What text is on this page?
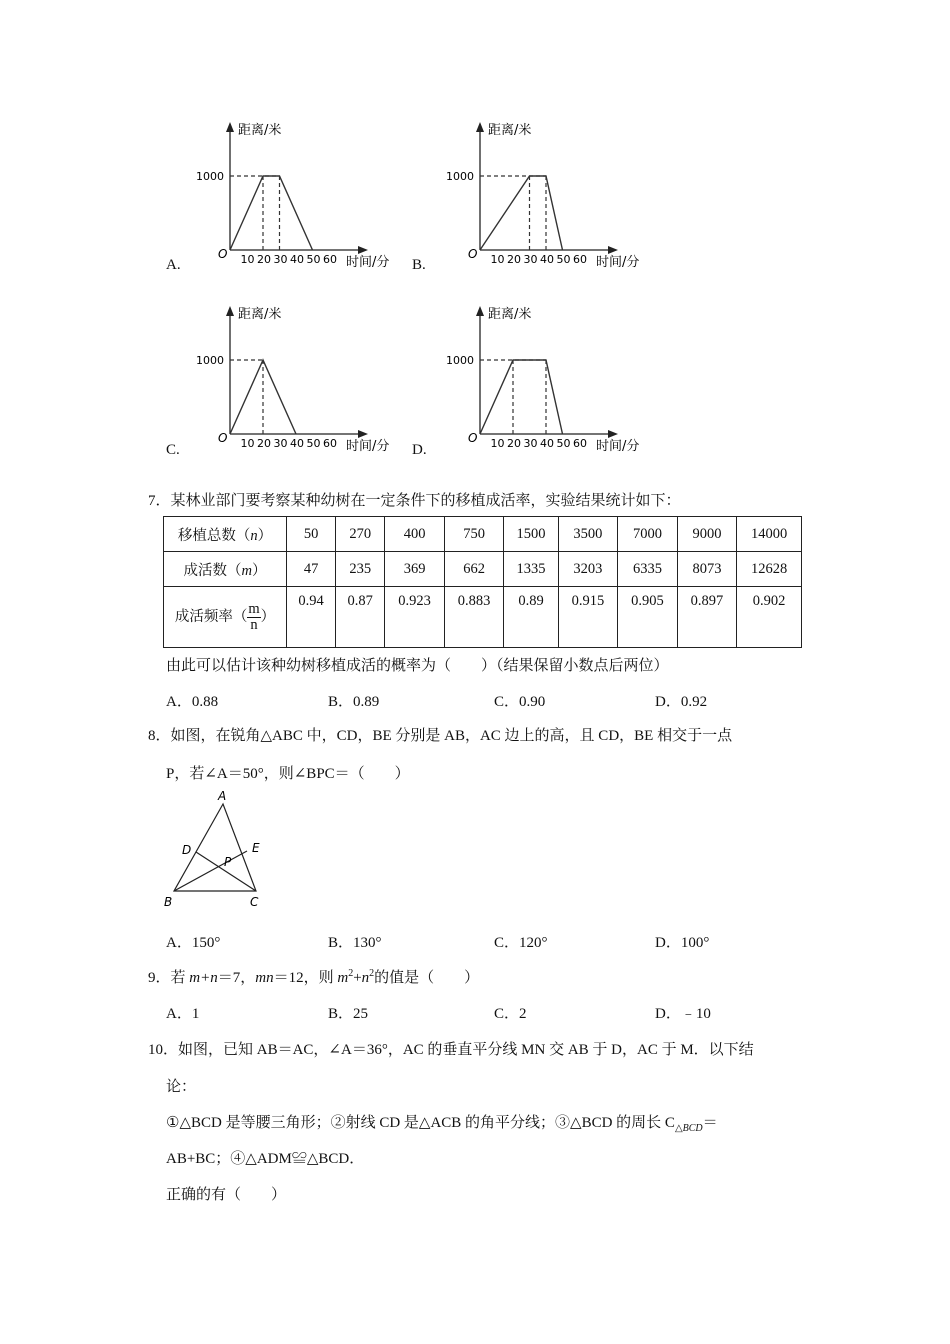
A.	B.
C.	D.
距离/米
时间/分
O
1000
10 20 30 40 50 60
距离/米
时间/分
O
1000
10 20 30 40 50 60
距离/米
时间/分
O
1000
10 20 30 40 50 60
距离/米
时间/分
O
1000
10 20 30 40 50 60
7．某林业部门要考察某种幼树在一定条件下的移植成活率，实验结果统计如下：
移植总数（n）	50	270	400	750	1500	3500	7000	9000	14000
成活数（m）	47	235	369	662	1335	3203	6335	8073	12628
成活频率（ $\frac{m}{n}$ ）	0.94	0.87	0.923	0.883	0.89	0.915	0.905	0.897	0.902
由此可以估计该种幼树移植成活的概率为（　　）（结果保留小数点后两位）
A．0.88	B．0.89	C．0.90	D．0.92
8．如图，在锐角△ABC 中，CD，BE 分别是 AB，AC 边上的高，且 CD，BE 相交于一点
P，若∠A＝50°，则∠BPC＝（　　）
A
B	C
D	E
P
A．150°	B．130°	C．120°	D．100°
9．若 m+n＝7，mn＝12，则 $m^2+n^2$的值是（　　）
A．1	B．25	C．2	D．﹣10
10．如图，已知 AB＝AC，∠A＝36°，AC 的垂直平分线 MN 交 AB 于 D，AC 于 M．以下结
论：
①△BCD 是等腰三角形；②射线 CD 是△ACB 的角平分线；③△BCD 的周长 $C_{\triangle BCD}=$
AB+BC；④△ADM≌△BCD．
正确的有（　　）
